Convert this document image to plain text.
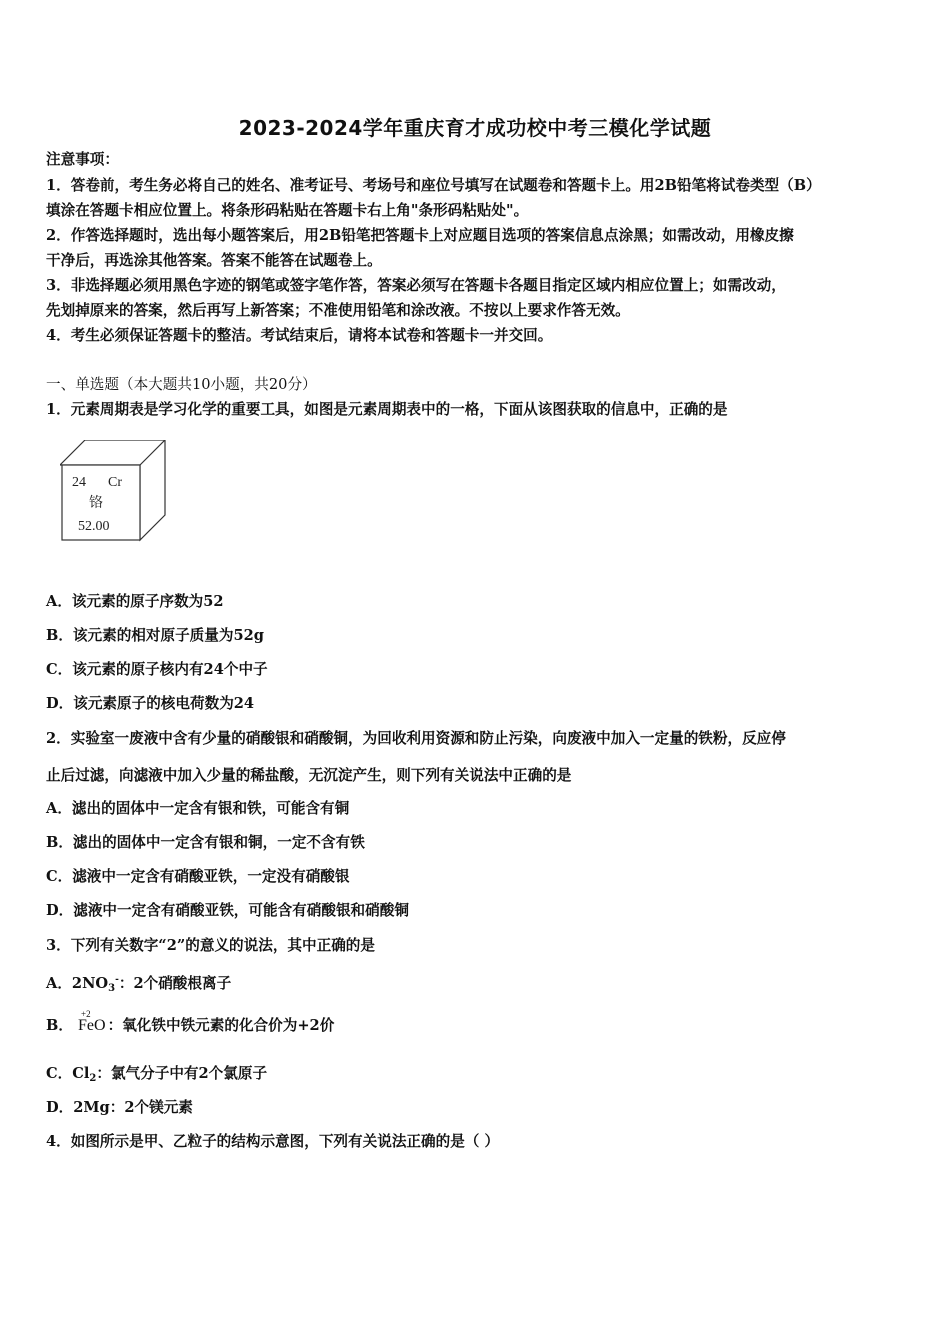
2023-2024学年重庆育才成功校中考三模化学试题
注意事项：
1．答卷前，考生务必将自己的姓名、准考证号、考场号和座位号填写在试题卷和答题卡上。用2B铅笔将试卷类型（B）
填涂在答题卡相应位置上。将条形码粘贴在答题卡右上角"条形码粘贴处"。
2．作答选择题时，选出每小题答案后，用2B铅笔把答题卡上对应题目选项的答案信息点涂黑；如需改动，用橡皮擦
干净后，再选涂其他答案。答案不能答在试题卷上。
3．非选择题必须用黑色字迹的钢笔或签字笔作答，答案必须写在答题卡各题目指定区域内相应位置上；如需改动，
先划掉原来的答案，然后再写上新答案；不准使用铅笔和涂改液。不按以上要求作答无效。
4．考生必须保证答题卡的整洁。考试结束后，请将本试卷和答题卡一并交回。
一、单选题（本大题共10小题，共20分）
1．元素周期表是学习化学的重要工具，如图是元素周期表中的一格，下面从该图获取的信息中，正确的是
24 Cr
铬
52.00
A．该元素的原子序数为52
B．该元素的相对原子质量为52g
C．该元素的原子核内有24个中子
D．该元素原子的核电荷数为24
2．实验室一废液中含有少量的硝酸银和硝酸铜，为回收利用资源和防止污染，向废液中加入一定量的铁粉，反应停
止后过滤，向滤液中加入少量的稀盐酸，无沉淀产生，则下列有关说法中正确的是
A．滤出的固体中一定含有银和铁，可能含有铜
B．滤出的固体中一定含有银和铜，一定不含有铁
C．滤液中一定含有硝酸亚铁，一定没有硝酸银
D．滤液中一定含有硝酸亚铁，可能含有硝酸银和硝酸铜
3．下列有关数字“2”的意义的说法，其中正确的是
A．$2NO_3^-$：2个硝酸根离子
B．
+2
FeO ：氧化铁中铁元素的化合价为+2价
C．$Cl_2$：氯气分子中有2个氯原子
D．2Mg：2个镁元素
4．如图所示是甲、乙粒子的结构示意图，下列有关说法正确的是（ ）
